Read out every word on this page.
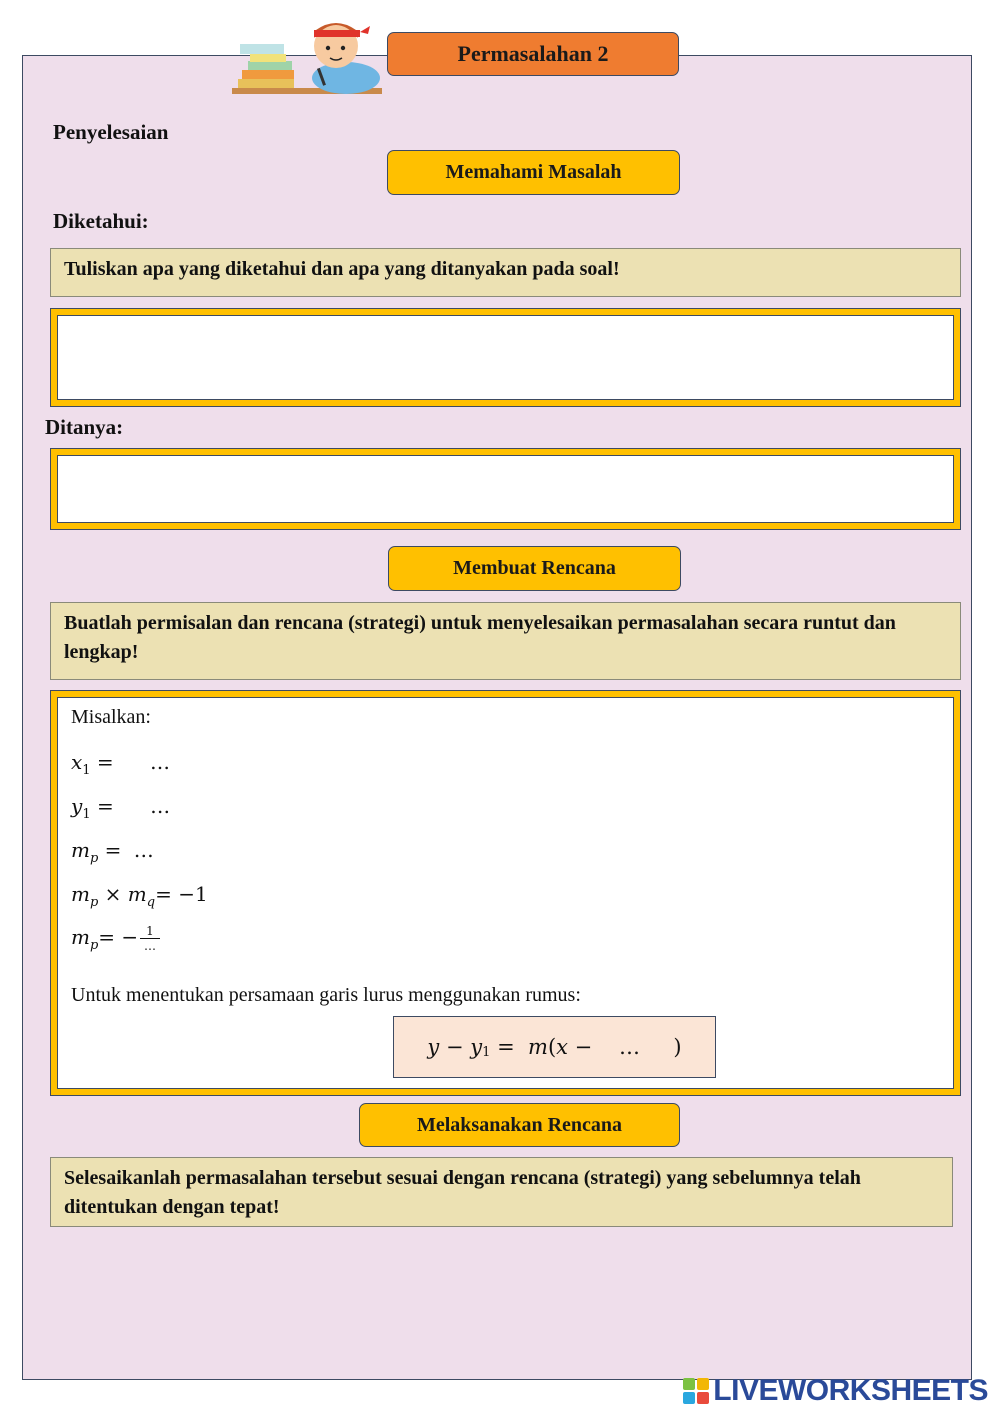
Permasalahan 2
Penyelesaian
Memahami Masalah
Diketahui:
Tuliskan apa yang diketahui dan apa yang ditanyakan pada soal!
Ditanya:
Membuat Rencana
Buatlah permisalan dan rencana (strategi) untuk menyelesaikan permasalahan secara runtut dan lengkap!
Misalkan:
$x_1$ = …
$y_1$ = …
$m_p$ = …
$m_p \times m_q= -1$
$m_p= - \frac{1}{\dots}$
Untuk menentukan persamaan garis lurus menggunakan rumus:
y − y 1 = m ( x − … )
Melaksanakan Rencana
Selesaikanlah permasalahan tersebut sesuai dengan rencana (strategi) yang sebelumnya telah ditentukan dengan tepat!
LIVEWORKSHEETS
